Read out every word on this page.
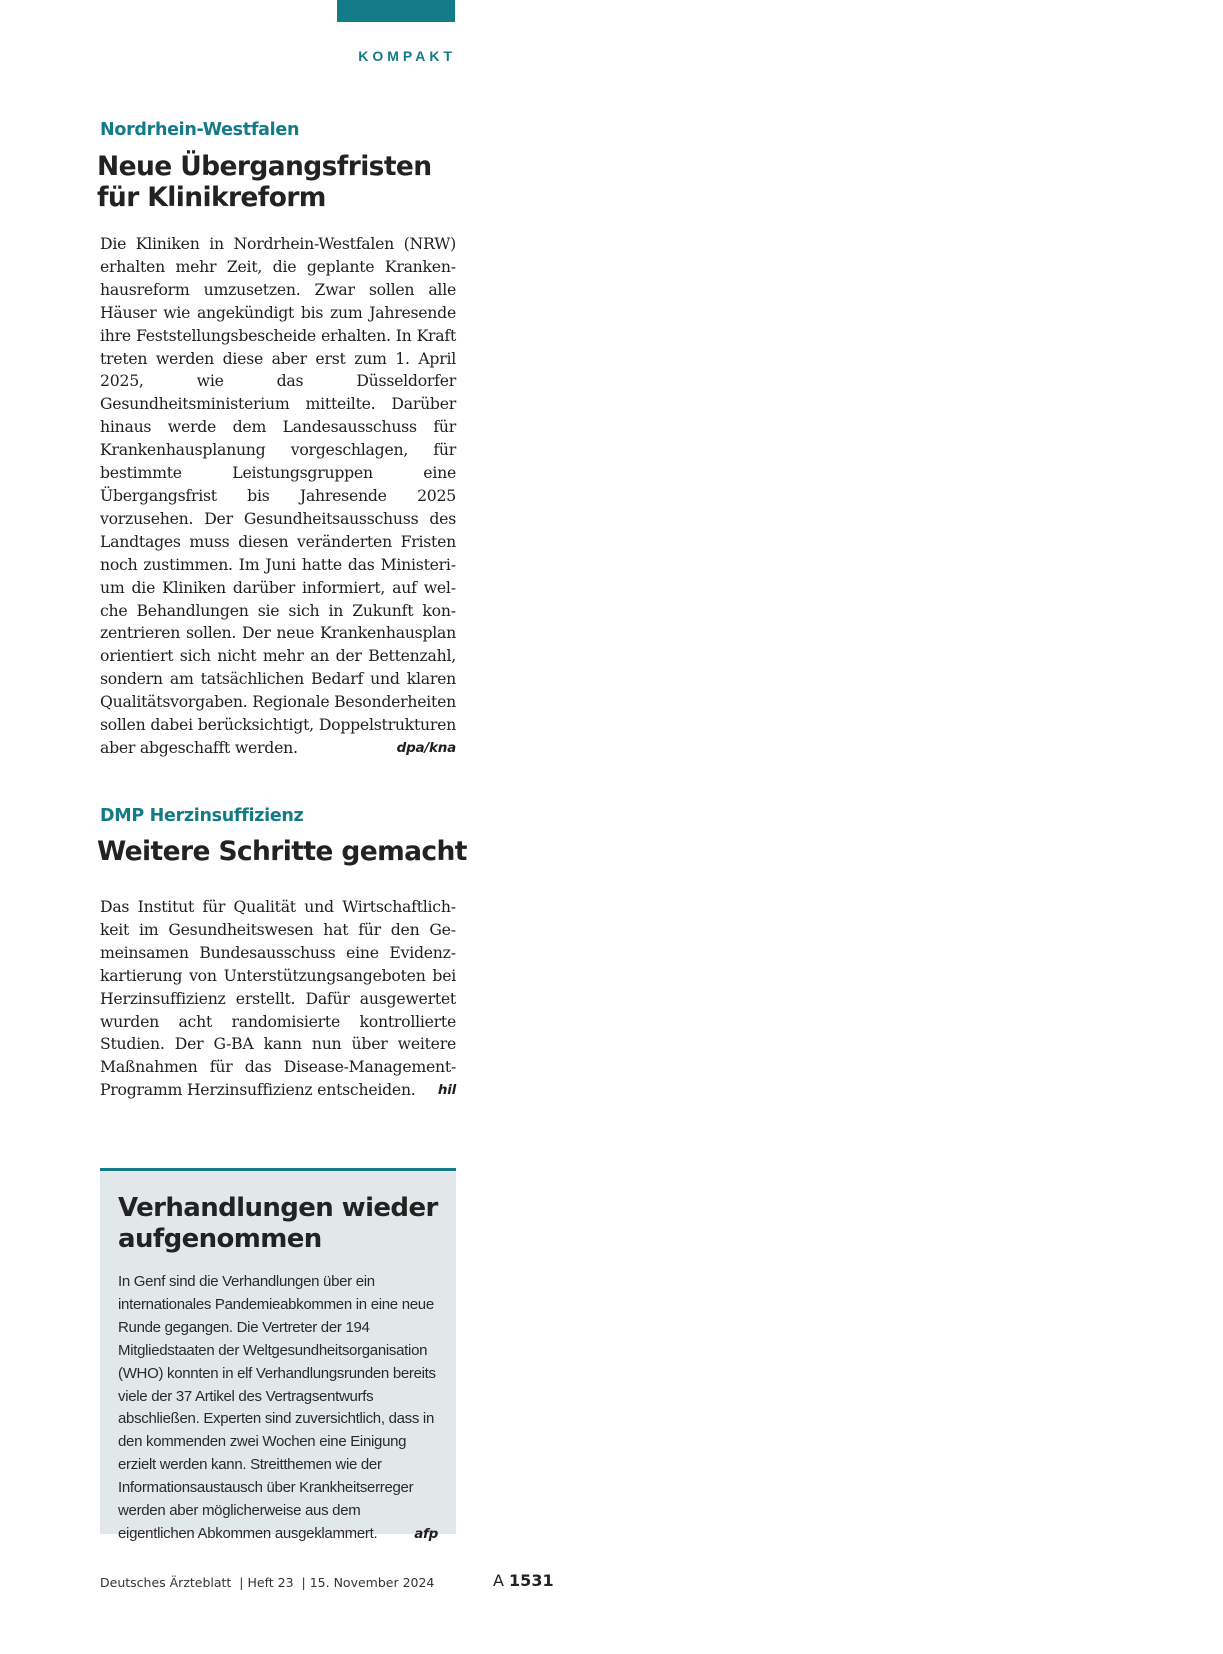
KOMPAKT
Nordrhein-Westfalen
Neue Übergangsfristen
für Klinikreform

Die Kliniken in Nordrhein-Westfalen (NRW) erhalten mehr Zeit, die geplante Krankenhausreform umzusetzen. Zwar sollen alle Häuser wie angekündigt bis zum Jahresende ihre Feststellungsbescheide erhalten. In Kraft treten werden diese aber erst zum 1. April 2025, wie das Düsseldorfer Gesundheitsministerium mitteilte. Darüber hinaus werde dem Landesausschuss für Krankenhausplanung vorgeschlagen, für bestimmte Leistungsgruppen eine Übergangsfrist bis Jahresende 2025 vorzusehen. Der Gesundheitsausschuss des Landtages muss diesen veränderten Fristen noch zustimmen. Im Juni hatte das Ministerium die Kliniken darüber informiert, auf welche Behandlungen sie sich in Zukunft konzentrieren sollen. Der neue Krankenhausplan orientiert sich nicht mehr an der Bettenzahl, sondern am tatsächlichen Bedarf und klaren Qualitätsvorgaben. Regionale Besonderheiten sollen dabei berücksichtigt, Doppelstrukturen aber abgeschafft werden.	dpa/kna

DMP Herzinsuffizienz
Weitere Schritte gemacht

Das Institut für Qualität und Wirtschaftlichkeit im Gesundheitswesen hat für den Gemeinsamen Bundesausschuss eine Evidenzkartierung von Unterstützungsangeboten bei Herzinsuffizienz erstellt. Dafür ausgewertet wurden acht randomisierte kontrollierte Studien. Der G-BA kann nun über weitere Maßnahmen für das Disease-Management-Programm Herzinsuffizienz entscheiden. hil

Verhandlungen wieder
aufgenommen

In Genf sind die Verhandlungen über ein internationales Pandemieabkommen in eine neue Runde gegangen. Die Vertreter der 194 Mitgliedstaaten der Weltgesundheitsorganisation (WHO) konnten in elf Verhandlungsrunden bereits viele der 37 Artikel des Vertragsentwurfs abschließen. Experten sind zuversichtlich, dass in den kommenden zwei Wochen eine Einigung erzielt werden kann. Streitthemen wie der Informationsaustausch über Krankheitserreger werden aber möglicherweise aus dem eigentlichen Abkommen ausgeklammert.	afp

Deutsches Ärzteblatt  | Heft 23  | 15. November 2024	A 1531
